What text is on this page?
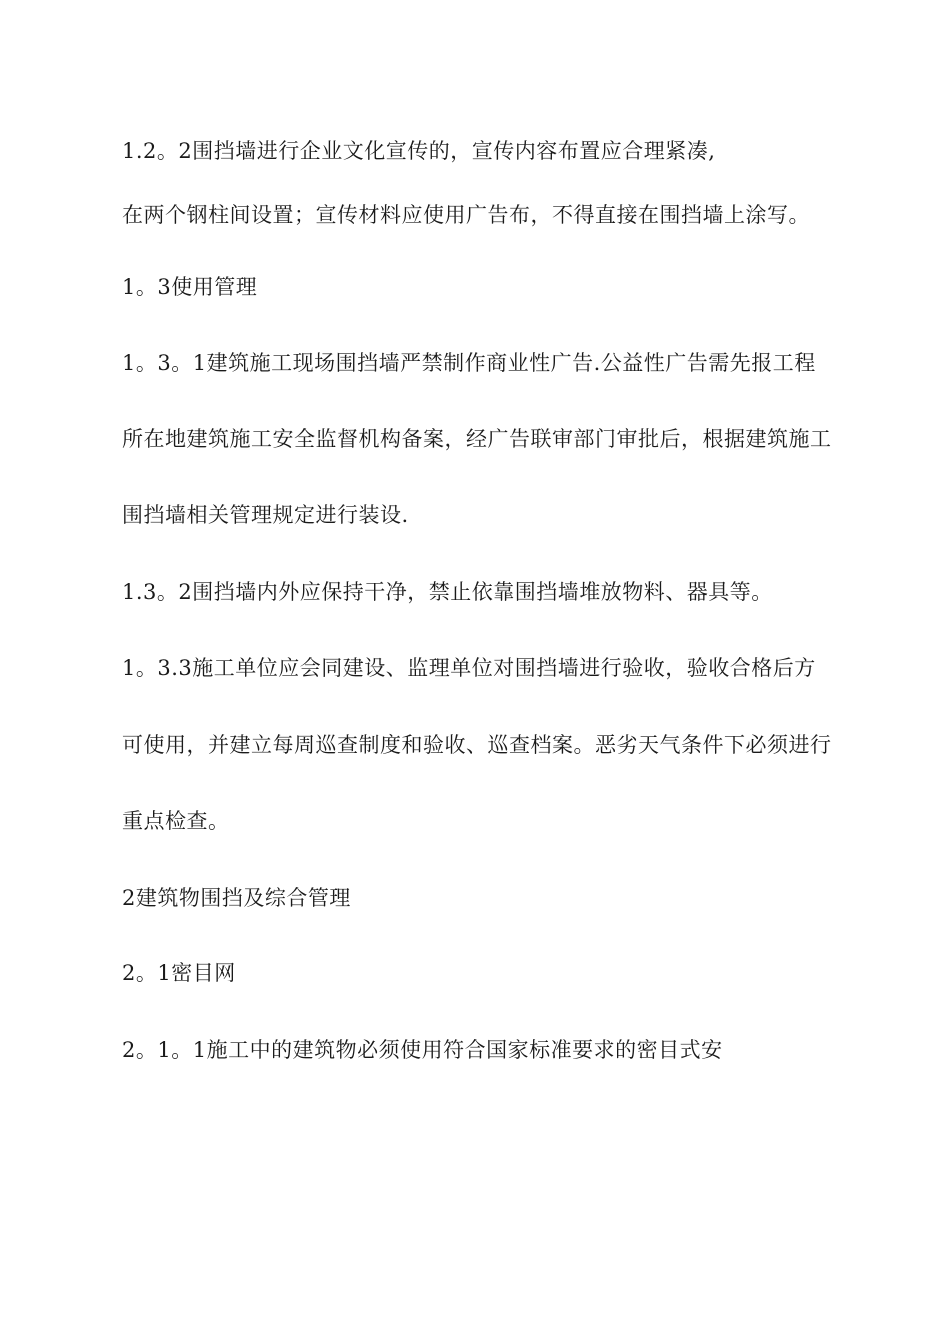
1.2。2围挡墙进行企业文化宣传的，宣传内容布置应合理紧凑,
在两个钢柱间设置；宣传材料应使用广告布，不得直接在围挡墙上涂写。
1。3使用管理
1。3。1建筑施工现场围挡墙严禁制作商业性广告.公益性广告需先报工程
所在地建筑施工安全监督机构备案，经广告联审部门审批后，根据建筑施工
围挡墙相关管理规定进行装设.
1.3。2围挡墙内外应保持干净，禁止依靠围挡墙堆放物料、器具等。
1。3.3施工单位应会同建设、监理单位对围挡墙进行验收，验收合格后方
可使用，并建立每周巡查制度和验收、巡查档案。恶劣天气条件下必须进行
重点检查。
2建筑物围挡及综合管理
2。1密目网
2。1。1施工中的建筑物必须使用符合国家标准要求的密目式安
